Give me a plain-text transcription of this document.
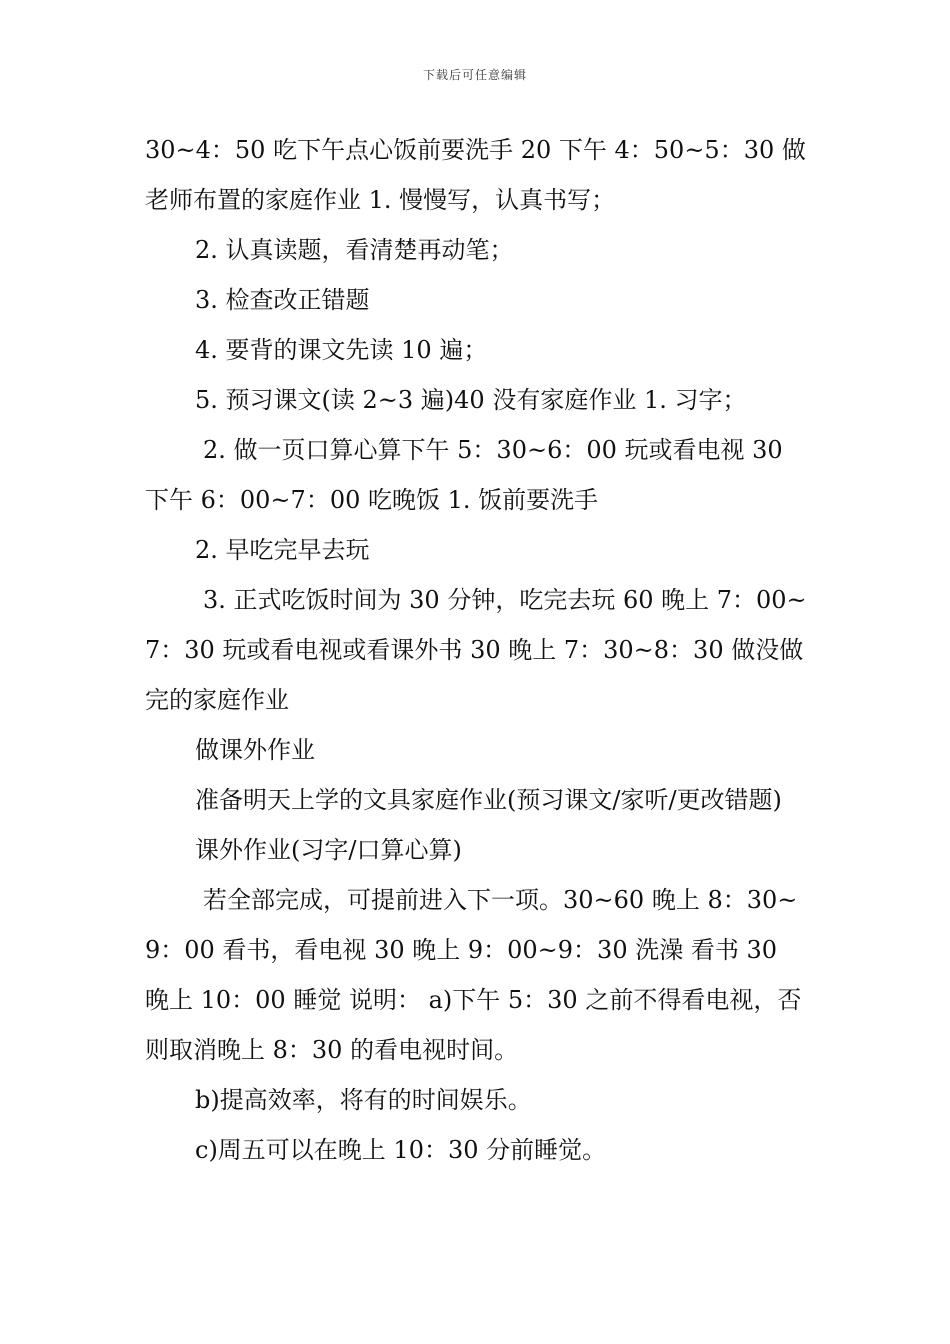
下载后可任意编辑

30~4：50 吃下午点心饭前要洗手 20 下午 4：50~5：30 做老师布置的家庭作业 1. 慢慢写，认真书写；

2. 认真读题，看清楚再动笔；

3. 检查改正错题

4. 要背的课文先读 10 遍；

5. 预习课文(读 2~3 遍)40 没有家庭作业 1. 习字；

2. 做一页口算心算下午 5：30~6：00 玩或看电视 30 下午 6：00~7：00 吃晚饭 1. 饭前要洗手

2. 早吃完早去玩

3. 正式吃饭时间为 30 分钟，吃完去玩 60 晚上 7：00~7：30 玩或看电视或看课外书 30 晚上 7：30~8：30 做没做完的家庭作业

做课外作业

准备明天上学的文具家庭作业(预习课文/家听/更改错题)

课外作业(习字/口算心算)

若全部完成，可提前进入下一项。30~60 晚上 8：30~9：00 看书，看电视 30 晚上 9：00~9：30 洗澡 看书 30 晚上 10：00 睡觉 说明： a)下午 5：30 之前不得看电视，否则取消晚上 8：30 的看电视时间。

b)提高效率，将有的时间娱乐。

c)周五可以在晚上 10：30 分前睡觉。
